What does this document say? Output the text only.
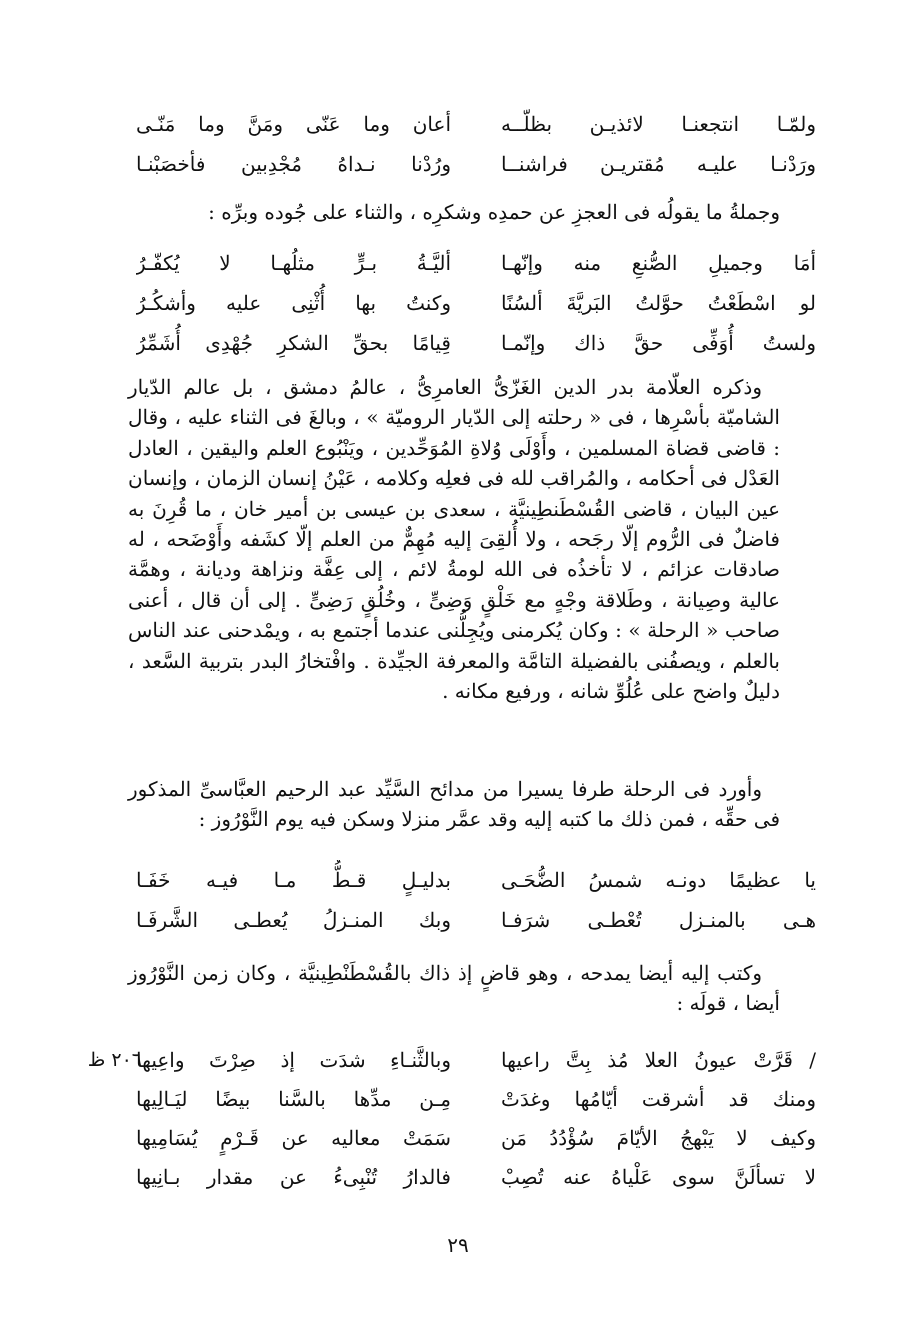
ولمّـا انتجعنـا لائذيـن بظلّــه
أعان وما عَنّى ومَنَّ وما مَنّـى
ورَدْنـا عليـه مُقتريـن فراشنــا
ورُدْنا نـداهُ مُجْدِبين فأخصَبْنـا
وجملةُ ما يقولُه فى العجزِ عن حمدِه وشكرِه ، والثناء على جُوده وبرِّه :
أمَا وجميلِ الصُّنعِ منه وإنّهـا
أليَّـةُ بـرٍّ مثلُهـا لا يُكفّـرُ
لو اسْطَعْتُ حوَّلتُ البَريَّةَ ألسُنًا
وكنتُ بها أُثْنِى عليه وأشكُـرُ
ولستُ أُوَفِّى حقَّ ذاك وإنّمـا
قِيامًا بحقِّ الشكرِ جُهْدِى أُشَمِّرُ

وذكره العلّامة بدر الدين الغَزّىُّ العامرِىُّ ، عالمُ دمشق ، بل عالم الدّيار الشاميّة بأسْرِها ، فى « رحلته إلى الدّيار الروميّة » ، وبالغَ فى الثناء عليه ، وقال : قاضى قضاة المسلمين ، وأَوْلَى وُلاةِ المُوَحِّدين ، ويَنْبُوع العلم واليقين ، العادل العَدْل فى أحكامه ، والمُراقب لله فى فعلِه وكلامه ، عَيْنُ إنسان الزمان ، وإنسان عين البيان ، قاضى القُسْطَنطِينيَّة ، سعدى بن عيسى بن أمير خان ، ما قُرِنَ به فاضلٌ فى الرُّوم إلّا رجَحه ، ولا أُلقِىَ إليه مُهِمٌّ من العلم إلّا كشَفه وأَوْضَحه ، له صادقات عزائم ، لا تأخذُه فى الله لومةُ لائم ، إلى عِفَّة ونزاهة وديانة ، وهمَّة عالية وصِيانة ، وطَلاقة وجْهٍ مع خَلْقٍ وَضِىٍّ ، وخُلُقٍ رَضِىٍّ . إلى أن قال ، أعنى صاحب « الرحلة » : وكان يُكرمنى ويُجِلُّنى عندما أجتمع به ، ويمْدحنى عند الناس بالعلم ، ويصفُنى بالفضيلة التامَّة والمعرفة الجيِّدة . وافْتخارُ البدر بتربية السَّعد ، دليلٌ واضح على عُلُوِّ شانه ، ورفيع مكانه .

وأورد فى الرحلة طرفا يسيرا من مدائح السَّيِّد عبد الرحيم العبَّاسىِّ المذكور فى حقِّه ، فمن ذلك ما كتبه إليه وقد عمَّر منزلا وسكن فيه يوم النَّوْرُوز :

يا عظيمًا دونـه شمسُ الضُّحَـى
بدليـلٍ قـطُّ مـا فيـه خَفَـا
هـى بالمنـزل تُعْطـى شرَفـا
وبك المنـزلُ يُعطـى الشَّرفَـا

وكتب إليه أيضا يمدحه ، وهو قاضٍ إذ ذاك بالقُسْطَنْطِينيَّة ، وكان زمن النَّوْرُوز أيضا ، قولَه :

٢٠٦ ظ	/ قَرَّتْ عيونُ العلا مُذ بِتَّ راعيها
وبالثَّنـاءِ شدَت إذ صِرْتَ واعِيها
ومنك قد أشرقت أيّامُها وغدَتْ
مِـن مدِّها بالسَّنا بيضًا ليَـالِيها
وكيف لا يَبْهجُ الأيّامَ سُؤْدُدُ مَن
سَمَتْ معاليه عن قَـرْمٍ يُسَامِيها
لا تسألَنَّ سوى عَلْياهُ عنه تُصِبْ
فالدارُ تُنْبِىءُ عن مقدار بـانِيها
٢٩
